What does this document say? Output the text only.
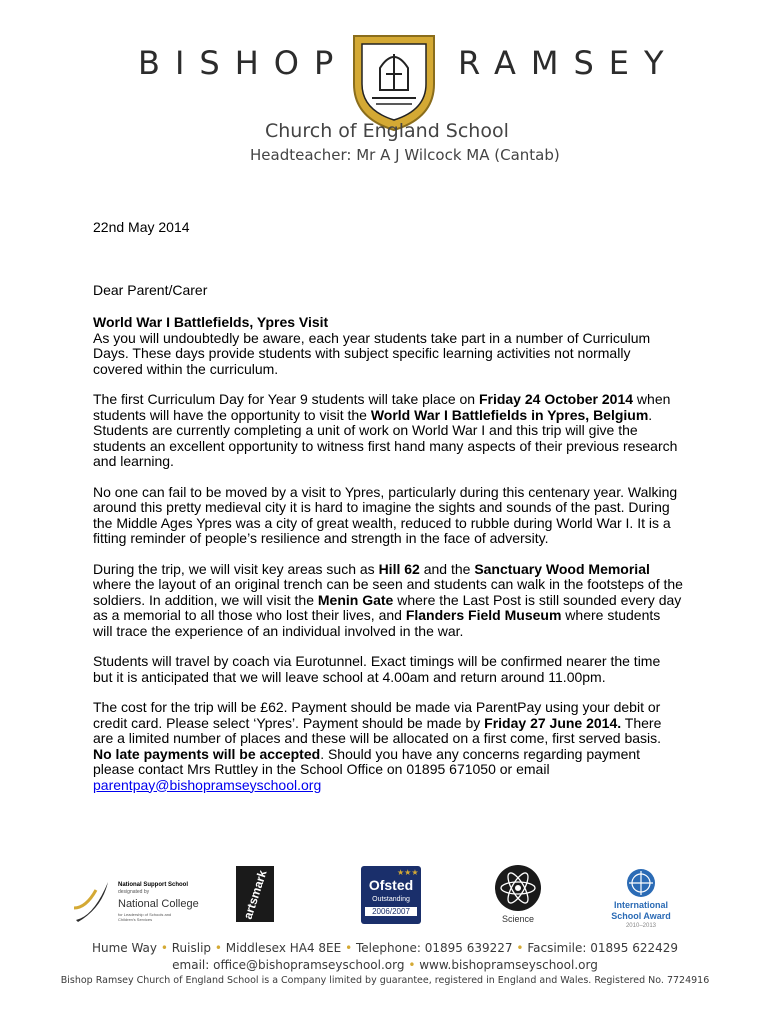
BISHOP	RAMSEY
Church of England School
Headteacher: Mr A J Wilcock MA (Cantab)

22nd May 2014

Dear Parent/Carer

World War I Battlefields, Ypres Visit

As you will undoubtedly be aware, each year students take part in a number of Curriculum Days. These days provide students with subject specific learning activities not normally covered within the curriculum.

The first Curriculum Day for Year 9 students will take place on Friday 24 October 2014 when students will have the opportunity to visit the World War I Battlefields in Ypres, Belgium. Students are currently completing a unit of work on World War I and this trip will give the students an excellent opportunity to witness first hand many aspects of their previous research and learning.

No one can fail to be moved by a visit to Ypres, particularly during this centenary year. Walking around this pretty medieval city it is hard to imagine the sights and sounds of the past. During the Middle Ages Ypres was a city of great wealth, reduced to rubble during World War I. It is a fitting reminder of people’s resilience and strength in the face of adversity.

During the trip, we will visit key areas such as Hill 62 and the Sanctuary Wood Memorial where the layout of an original trench can be seen and students can walk in the footsteps of the soldiers. In addition, we will visit the Menin Gate where the Last Post is still sounded every day as a memorial to all those who lost their lives, and Flanders Field Museum where students will trace the experience of an individual involved in the war.

Students will travel by coach via Eurotunnel. Exact timings will be confirmed nearer the time but it is anticipated that we will leave school at 4.00am and return around 11.00pm.

The cost for the trip will be £62. Payment should be made via ParentPay using your debit or credit card. Please select ‘Ypres’. Payment should be made by Friday 27 June 2014. There are a limited number of places and these will be allocated on a first come, first served basis. No late payments will be accepted. Should you have any concerns regarding payment please contact Mrs Ruttley in the School Office on 01895 671050 or email

parentpay@bishopramseyschool.org

National Support School
designated by
National College
for Leadership of Schools and Children's Services	artsmark	★★★
Ofsted
Outstanding
2006/2007
Science
International
School Award
2010–2013
Hume Way • Ruislip • Middlesex HA4 8EE • Telephone: 01895 639227 • Facsimile: 01895 622429
email: office@bishopramseyschool.org • www.bishopramseyschool.org
Bishop Ramsey Church of England School is a Company limited by guarantee, registered in England and Wales. Registered No. 7724916
